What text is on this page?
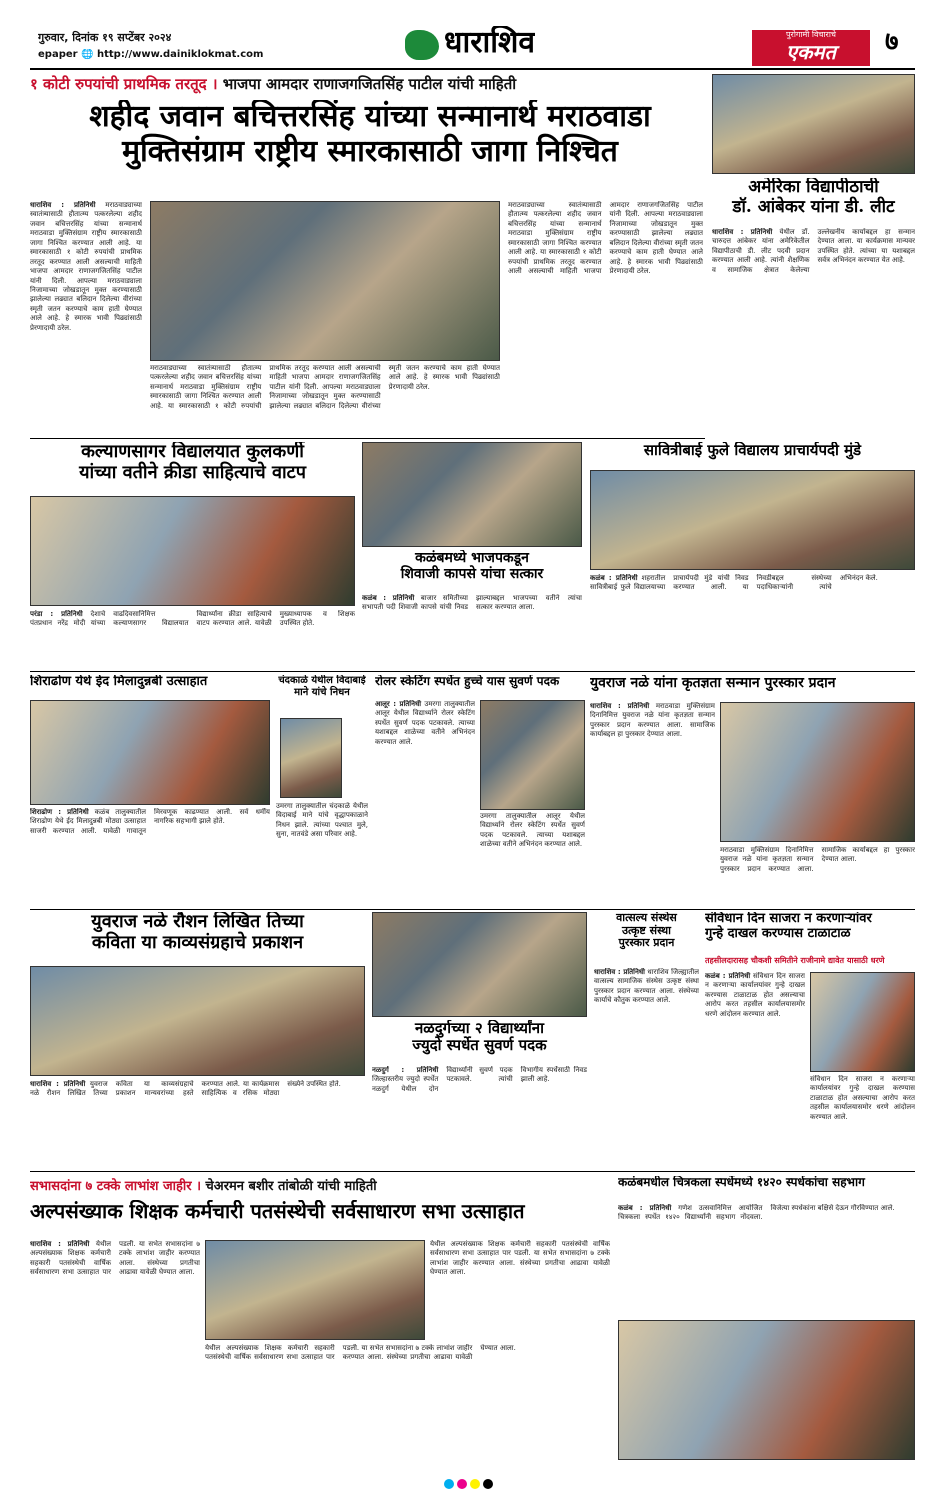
गुरुवार, दिनांक १९ सप्टेंबर २०२४
epaper 🌐 http://www.dainiklokmat.com	धाराशिव	पुरोगामी विचाराचे
एकमत	७
१ कोटी रुपयांची प्राथमिक तरतूद । भाजपा आमदार राणाजगजितसिंह पाटील यांची माहिती
शहीद जवान बचित्तरसिंह यांच्या सन्मानार्थ मराठवाडा
मुक्तिसंग्राम राष्ट्रीय स्मारकासाठी जागा निश्चित
धाराशिव : प्रतिनिधी मराठवाड्याच्या स्वातंत्र्यासाठी हौतात्म्य पत्करलेल्या शहीद जवान बचित्तरसिंह यांच्या सन्मानार्थ मराठवाडा मुक्तिसंग्राम राष्ट्रीय स्मारकासाठी जागा निश्चित करण्यात आली आहे. या स्मारकासाठी १ कोटी रुपयांची प्राथमिक तरतूद करण्यात आली असल्याची माहिती भाजपा आमदार राणाजगजितसिंह पाटील यांनी दिली. आपल्या मराठवाड्याला निजामाच्या जोखडातून मुक्त करण्यासाठी झालेल्या लढ्यात बलिदान दिलेल्या वीरांच्या स्मृती जतन करण्याचे काम हाती घेण्यात आले आहे. हे स्मारक भावी पिढ्यांसाठी प्रेरणादायी ठरेल.
मराठवाड्याच्या स्वातंत्र्यासाठी हौतात्म्य पत्करलेल्या शहीद जवान बचित्तरसिंह यांच्या सन्मानार्थ मराठवाडा मुक्तिसंग्राम राष्ट्रीय स्मारकासाठी जागा निश्चित करण्यात आली आहे. या स्मारकासाठी १ कोटी रुपयांची प्राथमिक तरतूद करण्यात आली असल्याची माहिती भाजपा आमदार राणाजगजितसिंह पाटील यांनी दिली. आपल्या मराठवाड्याला निजामाच्या जोखडातून मुक्त करण्यासाठी झालेल्या लढ्यात बलिदान दिलेल्या वीरांच्या स्मृती जतन करण्याचे काम हाती घेण्यात आले आहे. हे स्मारक भावी पिढ्यांसाठी प्रेरणादायी ठरेल.
मराठवाड्याच्या स्वातंत्र्यासाठी हौतात्म्य पत्करलेल्या शहीद जवान बचित्तरसिंह यांच्या सन्मानार्थ मराठवाडा मुक्तिसंग्राम राष्ट्रीय स्मारकासाठी जागा निश्चित करण्यात आली आहे. या स्मारकासाठी १ कोटी रुपयांची प्राथमिक तरतूद करण्यात आली असल्याची माहिती भाजपा आमदार राणाजगजितसिंह पाटील यांनी दिली. आपल्या मराठवाड्याला निजामाच्या जोखडातून मुक्त करण्यासाठी झालेल्या लढ्यात बलिदान दिलेल्या वीरांच्या स्मृती जतन करण्याचे काम हाती घेण्यात आले आहे. हे स्मारक भावी पिढ्यांसाठी प्रेरणादायी ठरेल.
अमेरिका विद्यापीठाची
डॉ. आंबेकर यांना डी. लीट
धाराशिव : प्रतिनिधी येथील डॉ. चारुदत्त आंबेकर यांना अमेरिकेतील विद्यापीठाची डी. लीट पदवी प्रदान करण्यात आली आहे. त्यांनी शैक्षणिक व सामाजिक क्षेत्रात केलेल्या उल्लेखनीय कार्याबद्दल हा सन्मान देण्यात आला. या कार्यक्रमास मान्यवर उपस्थित होते. त्यांच्या या यशाबद्दल सर्वत्र अभिनंदन करण्यात येत आहे.
कल्याणसागर विद्यालयात कुलकर्णी
यांच्या वतीने क्रीडा साहित्याचे वाटप
परंडा : प्रतिनिधी देशाचे पंतप्रधान नरेंद्र मोदी यांच्या वाढदिवसानिमित्त कल्याणसागर विद्यालयात विद्यार्थ्यांना क्रीडा साहित्याचे वाटप करण्यात आले. यावेळी मुख्याध्यापक व शिक्षक उपस्थित होते.
कळंबमध्ये भाजपकडून
शिवाजी कापसे यांचा सत्कार
कळंब : प्रतिनिधी बाजार समितीच्या सभापती पदी शिवाजी कापसे यांची निवड झाल्याबद्दल भाजपच्या वतीने त्यांचा सत्कार करण्यात आला.
सावित्रीबाई फुले विद्यालय प्राचार्यपदी मुंडे
कळंब : प्रतिनिधी शहरातील सावित्रीबाई फुले विद्यालयाच्या प्राचार्यपदी मुंडे यांची निवड करण्यात आली. या निवडीबद्दल संस्थेच्या पदाधिकाऱ्यांनी त्यांचे अभिनंदन केले.
शिराढोण येथे ईद मिलादुन्नबी उत्साहात
शिराढोण : प्रतिनिधी कळंब तालुक्यातील शिराढोण येथे ईद मिलादुन्नबी मोठ्या उत्साहात साजरी करण्यात आली. यावेळी गावातून मिरवणूक काढण्यात आली. सर्व धर्मीय नागरिक सहभागी झाले होते.
चंदकाळे येथील विदाबाई
माने यांचे निधन
उमरगा तालुक्यातील चंदकाळे येथील विदाबाई माने यांचे वृद्धापकाळाने निधन झाले. त्यांच्या पश्चात मुले, सुना, नातवंडे असा परिवार आहे.
रोलर स्केटिंग स्पर्धेत हुच्चे यास सुवर्ण पदक
आलूर : प्रतिनिधी उमरगा तालुक्यातील आलूर येथील विद्यार्थ्याने रोलर स्केटिंग स्पर्धेत सुवर्ण पदक पटकावले. त्याच्या यशाबद्दल शाळेच्या वतीने अभिनंदन करण्यात आले.
उमरगा तालुक्यातील आलूर येथील विद्यार्थ्याने रोलर स्केटिंग स्पर्धेत सुवर्ण पदक पटकावले. त्याच्या यशाबद्दल शाळेच्या वतीने अभिनंदन करण्यात आले.
युवराज नळे यांना कृतज्ञता सन्मान पुरस्कार प्रदान
धाराशिव : प्रतिनिधी मराठवाडा मुक्तिसंग्राम दिनानिमित्त युवराज नळे यांना कृतज्ञता सन्मान पुरस्कार प्रदान करण्यात आला. सामाजिक कार्याबद्दल हा पुरस्कार देण्यात आला.
मराठवाडा मुक्तिसंग्राम दिनानिमित्त युवराज नळे यांना कृतज्ञता सन्मान पुरस्कार प्रदान करण्यात आला. सामाजिक कार्याबद्दल हा पुरस्कार देण्यात आला.
युवराज नळे रौशन लिखित तिच्या
कविता या काव्यसंग्रहाचे प्रकाशन
धाराशिव : प्रतिनिधी युवराज नळे रौशन लिखित तिच्या कविता या काव्यसंग्रहाचे प्रकाशन मान्यवरांच्या हस्ते करण्यात आले. या कार्यक्रमास साहित्यिक व रसिक मोठ्या संख्येने उपस्थित होते.
नळदुर्गच्या २ विद्यार्थ्यांना
ज्युदो स्पर्धेत सुवर्ण पदक
नळदुर्ग : प्रतिनिधी जिल्हास्तरीय ज्युदो स्पर्धेत नळदुर्ग येथील दोन विद्यार्थ्यांनी सुवर्ण पदक पटकावले. त्यांची विभागीय स्पर्धेसाठी निवड झाली आहे.
वात्सल्य संस्थेस
उत्कृष्ट संस्था
पुरस्कार प्रदान
धाराशिव : प्रतिनिधी धाराशिव जिल्ह्यातील वात्सल्य सामाजिक संस्थेस उत्कृष्ट संस्था पुरस्कार प्रदान करण्यात आला. संस्थेच्या कार्याचे कौतुक करण्यात आले.
संविधान दिन साजरा न करणाऱ्यांवर
गुन्हे दाखल करण्यास टाळाटाळ
तहसीलदारासह चौकशी समितीने राजीनामे द्यावेत यासाठी धरणे
कळंब : प्रतिनिधी संविधान दिन साजरा न करणाऱ्या कार्यालयांवर गुन्हे दाखल करण्यास टाळाटाळ होत असल्याचा आरोप करत तहसील कार्यालयासमोर धरणे आंदोलन करण्यात आले.
संविधान दिन साजरा न करणाऱ्या कार्यालयांवर गुन्हे दाखल करण्यास टाळाटाळ होत असल्याचा आरोप करत तहसील कार्यालयासमोर धरणे आंदोलन करण्यात आले.
सभासदांना ७ टक्के लाभांश जाहीर । चेअरमन बशीर तांबोळी यांची माहिती
अल्पसंख्याक शिक्षक कर्मचारी पतसंस्थेची सर्वसाधारण सभा उत्साहात
धाराशिव : प्रतिनिधी येथील अल्पसंख्याक शिक्षक कर्मचारी सहकारी पतसंस्थेची वार्षिक सर्वसाधारण सभा उत्साहात पार पडली. या सभेत सभासदांना ७ टक्के लाभांश जाहीर करण्यात आला. संस्थेच्या प्रगतीचा आढावा यावेळी घेण्यात आला.
येथील अल्पसंख्याक शिक्षक कर्मचारी सहकारी पतसंस्थेची वार्षिक सर्वसाधारण सभा उत्साहात पार पडली. या सभेत सभासदांना ७ टक्के लाभांश जाहीर करण्यात आला. संस्थेच्या प्रगतीचा आढावा यावेळी घेण्यात आला.
येथील अल्पसंख्याक शिक्षक कर्मचारी सहकारी पतसंस्थेची वार्षिक सर्वसाधारण सभा उत्साहात पार पडली. या सभेत सभासदांना ७ टक्के लाभांश जाहीर करण्यात आला. संस्थेच्या प्रगतीचा आढावा यावेळी घेण्यात आला.
कळंबमधील चित्रकला स्पर्धेमध्ये १४२० स्पर्धकांचा सहभाग
कळंब : प्रतिनिधी गणेश उत्सवानिमित्त आयोजित चित्रकला स्पर्धेत १४२० विद्यार्थ्यांनी सहभाग नोंदवला. विजेत्या स्पर्धकांना बक्षिसे देऊन गौरविण्यात आले.
